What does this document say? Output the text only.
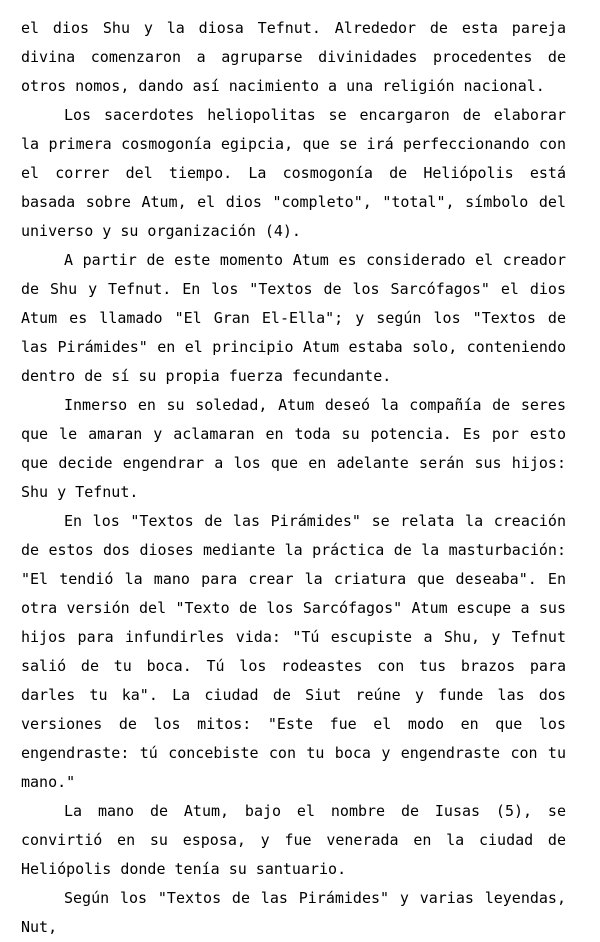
el dios Shu y la diosa Tefnut. Alrededor de esta pareja divina comenzaron a agruparse divinidades procedentes de otros nomos, dando así nacimiento a una religión nacional.

Los sacerdotes heliopolitas se encargaron de elaborar la primera cosmogonía egipcia, que se irá perfeccionando con el correr del tiempo. La cosmogonía de Heliópolis está basada sobre Atum, el dios "completo", "total", símbolo del universo y su organización (4).

A partir de este momento Atum es considerado el creador de Shu y Tefnut. En los "Textos de los Sarcófagos" el dios Atum es llamado "El Gran El-Ella"; y según los "Textos de las Pirámides" en el principio Atum estaba solo, conteniendo dentro de sí su propia fuerza fecundante.

Inmerso en su soledad, Atum deseó la compañía de seres que le amaran y aclamaran en toda su potencia. Es por esto que decide engendrar a los que en adelante serán sus hijos: Shu y Tefnut.

En los "Textos de las Pirámides" se relata la creación de estos dos dioses mediante la práctica de la masturbación: "El tendió la mano para crear la criatura que deseaba". En otra versión del "Texto de los Sarcófagos" Atum escupe a sus hijos para infundirles vida: "Tú escupiste a Shu, y Tefnut salió de tu boca. Tú los rodeastes con tus brazos para darles tu ka". La ciudad de Siut reúne y funde las dos versiones de los mitos: "Este fue el modo en que los engendraste: tú concebiste con tu boca y engendraste con tu mano."

La mano de Atum, bajo el nombre de Iusas (5), se convirtió en su esposa, y fue venerada en la ciudad de Heliópolis donde tenía su santuario.

Según los "Textos de las Pirámides" y varias leyendas, Nut,
